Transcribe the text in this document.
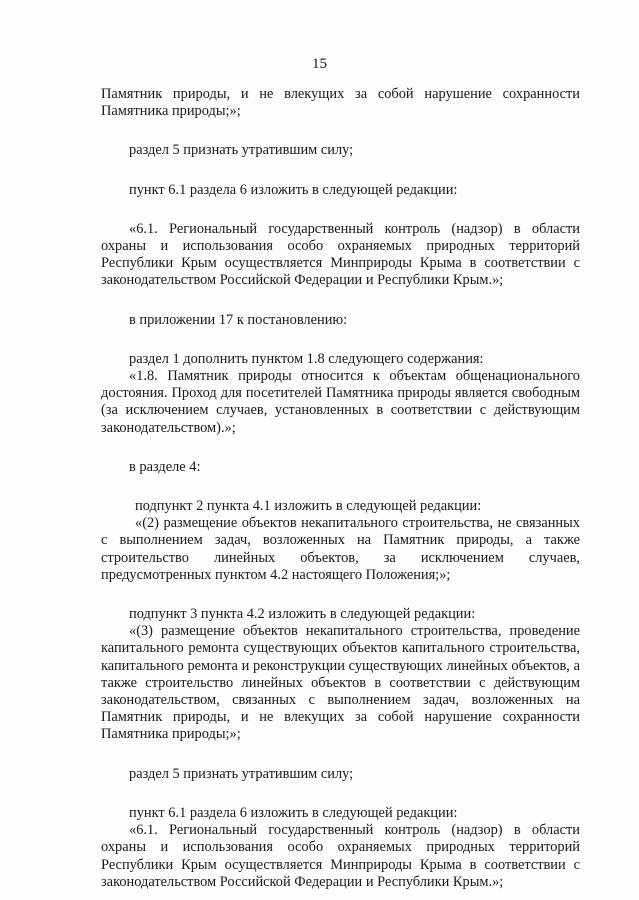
15

Памятник природы, и не влекущих за собой нарушение сохранности Памятника природы;»;

раздел 5 признать утратившим силу;

пункт 6.1 раздела 6 изложить в следующей редакции:

«6.1. Региональный государственный контроль (надзор) в области охраны и использования особо охраняемых природных территорий Республики Крым осуществляется Минприроды Крыма в соответствии с законодательством Российской Федерации и Республики Крым.»;

в приложении 17 к постановлению:

раздел 1 дополнить пунктом 1.8 следующего содержания:

«1.8. Памятник природы относится к объектам общенационального достояния. Проход для посетителей Памятника природы является свободным (за исключением случаев, установленных в соответствии с действующим законодательством).»;

в разделе 4:

подпункт 2 пункта 4.1 изложить в следующей редакции:

«(2) размещение объектов некапитального строительства, не связанных с выполнением задач, возложенных на Памятник природы, а также строительство линейных объектов, за исключением случаев, предусмотренных пунктом 4.2 настоящего Положения;»;

подпункт 3 пункта 4.2 изложить в следующей редакции:

«(3) размещение объектов некапитального строительства, проведение капитального ремонта существующих объектов капитального строительства, капитального ремонта и реконструкции существующих линейных объектов, а также строительство линейных объектов в соответствии с действующим законодательством, связанных с выполнением задач, возложенных на Памятник природы, и не влекущих за собой нарушение сохранности Памятника природы;»;

раздел 5 признать утратившим силу;

пункт 6.1 раздела 6 изложить в следующей редакции:

«6.1. Региональный государственный контроль (надзор) в области охраны и использования особо охраняемых природных территорий Республики Крым осуществляется Минприроды Крыма в соответствии с законодательством Российской Федерации и Республики Крым.»;
